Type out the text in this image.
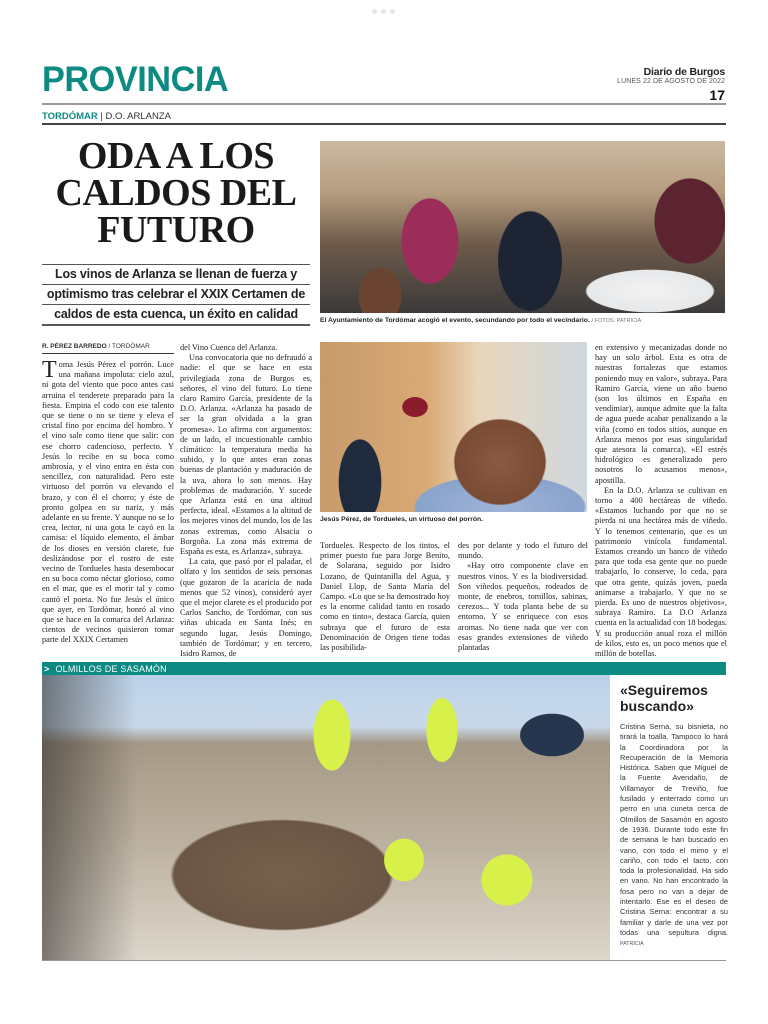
PROVINCIA	Diario de Burgos
LUNES 22 DE AGOSTO DE 2022
17
TORDÓMAR | D.O. ARLANZA
ODA A LOS CALDOS DEL FUTURO
Los vinos de Arlanza se llenan de fuerza y
optimismo tras celebrar el XXIX Certamen de
caldos de esta cuenca, un éxito en calidad	El Ayuntamiento de Tordómar acogió el evento, secundando por todo el vecindario. / FOTOS: PATRICIA
R. PÉREZ BARREDO / TORDÓMAR

Toma Jesús Pérez el porrón. Luce una mañana impoluta: cielo azul, ni gota del viento que poco antes casi arruina el tenderete preparado para la fiesta. Empina el codo con ese talento que se tiene o no se tiene y eleva el cristal fino por encima del hombro. Y el vino sale como tiene que salir: con ese chorro cadencioso, perfecto. Y Jesús lo recibe en su boca como ambrosía, y el vino entra en ésta con sencillez, con naturalidad. Pero este virtuoso del porrón va elevando el brazo, y con él el chorro; y éste de pronto golpea en su nariz, y más adelante en su frente. Y aunque no se lo crea, lector, ni una gota le cayó en la camisa: el líquido elemento, el ámbar de los dioses en versión clarete, fue deslizándose por el rostro de este vecino de Tordueles hasta desembocar en su boca como néctar glorioso, como en el mar, que es el morir tal y como cantó el poeta. No fue Jesús el único que ayer, en Tordómar, honró al vino que se hace en la comarca del Arlanza: cientos de vecinos quisieron tomar parte del XXIX Certamen

del Vino Cuenca del Arlanza.

Una convocatoria que no defraudó a nadie: el que se hace en esta privilegiada zona de Burgos es, señores, el vino del futuro. Lo tiene claro Ramiro García, presidente de la D.O. Arlanza. «Arlanza ha pasado de ser la gran olvidada a la gran promesa». Lo afirma con argumentos: de un lado, el incuestionable cambio climático: la temperatura media ha subido, y lo que antes eran zonas buenas de plantación y maduración de la uva, ahora lo son menos. Hay problemas de maduración. Y sucede que Arlanza está en una altitud perfecta, ideal. «Estamos a la altitud de los mejores vinos del mundo, los de las zonas extremas, como Alsacia o Borgoña. La zona más extrema de España es esta, es Arlanza», subraya.

La cata, que pasó por el paladar, el olfato y los sentidos de seis personas (que gozaron de la acaricia de nada menos que 52 vinos), consideró ayer que el mejor clarete es el producido por Carlos Sancho, de Tordómar, con sus viñas ubicada en Santa Inés; en segundo lugar, Jesús Domingo, también de Tordómar; y en tercero, Isidro Ramos, de

Jesús Pérez, de Tordueles, un virtuoso del porrón.

Tordueles. Respecto de los tintos, el primer puesto fue para Jorge Benito, de Solarana, seguido por Isidro Lozano, de Quintanilla del Agua, y Daniel Llop, de Santa María del Campo. «Lo que se ha demostrado hoy es la enorme calidad tanto en rosado como en tinto», destaca García, quien subraya que el futuro de esta Denominación de Origen tiene todas las posibilida-

des por delante y todo el futuro del mundo.

«Hay otro componente clave en nuestros vinos. Y es la biodiversidad. Son viñedos pequeños, rodeados de monte, de enebros, tomillos, sabinas, cerezos... Y toda planta bebe de su entorno. Y se enriquece con esos aromas. No tiene nada que ver con esas grandes extensiones de viñedo plantadas

en extensivo y mecanizadas donde no hay un solo árbol. Esta es otra de nuestras fortalezas que estamos poniendo muy en valor», subraya. Para Ramiro García, viene un año bueno (son los últimos en España en vendimiar), aunque admite que la falta de agua puede acabar penalizando a la viña (como en todos sitios, aunque en Arlanza menos por esas singularidad que atesora la comarca). «El estrés hidrológico es generalizado pero nosotros lo acusamos menos», apostilla.

En la D.O. Arlanza se cultivan en torno a 400 hectáreas de viñedo. «Estamos luchando por que no se pierda ni una hectárea más de viñedo. Y lo tenemos centenario, que es un patrimonio vinícola fundamental. Estamos creando un banco de viñedo para que toda esa gente que no puede trabajarlo, lo conserve, lo ceda, para que otra gente, quizás joven, pueda animarse a trabajarlo. Y que no se pierda. Es uno de nuestros objetivos», subraya Ramiro. La D.O Arlanza cuenta en la actualidad con 18 bodegas. Y su producción anual roza el millón de kilos, esto es, un poco menos que el millón de botellas.

> OLMILLOS DE SASAMÓN
«Seguiremos buscando»
Cristina Serna, su bisnieta, no tirará la toalla. Tampoco lo hará la Coordinadora por la Recuperación de la Memoria Histórica. Saben que Miguel de la Fuente Avendaño, de Villamayor de Treviño, fue fusilado y enterrado como un perro en una cuneta cerca de Olmillos de Sasamón en agosto de 1936. Durante todo este fin de semana le han buscado en vano, con todo el mimo y el cariño, con todo el tacto, con toda la profesionalidad. Ha sido en vano. No han encontrado la fosa pero no van a dejar de intentarlo. Ese es el deseo de Cristina Serna: encontrar a su familiar y darle de una vez por todas una sepultura digna. PATRICIA
